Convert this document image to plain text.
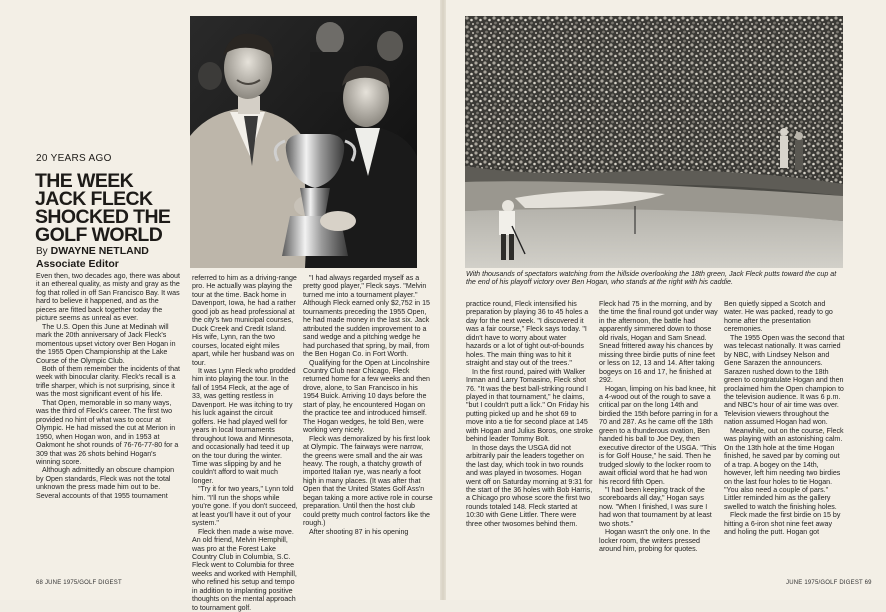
20 YEARS AGO
THE WEEK
JACK FLECK
SHOCKED THE
GOLF WORLD
By DWAYNE NETLAND
Associate Editor

Even then, two decades ago, there was about it an ethereal quality, as misty and gray as the fog that rolled in off San Francisco Bay. It was hard to believe it happened, and as the pieces are fitted back together today the picture seems as unreal as ever.

The U.S. Open this June at Medinah will mark the 20th anniversary of Jack Fleck's momentous upset victory over Ben Hogan in the 1955 Open Championship at the Lake Course of the Olympic Club.

Both of them remember the incidents of that week with binocular clarity. Fleck's recall is a trifle sharper, which is not surprising, since it was the most significant event of his life.

That Open, memorable in so many ways, was the third of Fleck's career. The first two provided no hint of what was to occur at Olympic. He had missed the cut at Merion in 1950, when Hogan won, and in 1953 at Oakmont he shot rounds of 76-76-77-80 for a 309 that was 26 shots behind Hogan's winning score.

Although admittedly an obscure champion by Open standards, Fleck was not the total unknown the press made him out to be. Several accounts of that 1955 tournament

referred to him as a driving-range pro. He actually was playing the tour at the time. Back home in Davenport, Iowa, he had a rather good job as head professional at the city's two municipal courses, Duck Creek and Credit Island. His wife, Lynn, ran the two courses, located eight miles apart, while her husband was on tour.

It was Lynn Fleck who prodded him into playing the tour. In the fall of 1954 Fleck, at the age of 33, was getting restless in Davenport. He was itching to try his luck against the circuit golfers. He had played well for years in local tournaments throughout Iowa and Minnesota, and occasionally had teed it up on the tour during the winter. Time was slipping by and he couldn't afford to wait much longer.

"Try it for two years," Lynn told him. "I'll run the shops while you're gone. If you don't succeed, at least you'll have it out of your system."

Fleck then made a wise move. An old friend, Melvin Hemphill, was pro at the Forest Lake Country Club in Columbia, S.C. Fleck went to Columbia for three weeks and worked with Hemphill, who refined his setup and tempo in addition to implanting positive thoughts on the mental approach to tournament golf.

"I had always regarded myself as a pretty good player," Fleck says. "Melvin turned me into a tournament player." Although Fleck earned only $2,752 in 15 tournaments preceding the 1955 Open, he had made money in the last six. Jack attributed the sudden improvement to a sand wedge and a pitching wedge he had purchased that spring, by mail, from the Ben Hogan Co. in Fort Worth.

Qualifying for the Open at Lincolnshire Country Club near Chicago, Fleck returned home for a few weeks and then drove, alone, to San Francisco in his 1954 Buick. Arriving 10 days before the start of play, he encountered Hogan on the practice tee and introduced himself. The Hogan wedges, he told Ben, were working very nicely.

Fleck was demoralized by his first look at Olympic. The fairways were narrow, the greens were small and the air was heavy. The rough, a thatchy growth of imported Italian rye, was nearly a foot high in many places. (It was after that Open that the United States Golf Ass'n began taking a more active role in course preparation. Until then the host club could pretty much control factors like the rough.)

After shooting 87 in his opening

With thousands of spectators watching from the hillside overlooking the 18th green, Jack Fleck putts toward the cup at the end of his playoff victory over Ben Hogan, who stands at the right with his caddie.

practice round, Fleck intensified his preparation by playing 36 to 45 holes a day for the next week. "I discovered it was a fair course," Fleck says today. "I didn't have to worry about water hazards or a lot of tight out-of-bounds holes. The main thing was to hit it straight and stay out of the trees."

In the first round, paired with Walker Inman and Larry Tomasino, Fleck shot 76. "It was the best ball-striking round I played in that tournament," he claims, "but I couldn't putt a lick." On Friday his putting picked up and he shot 69 to move into a tie for second place at 145 with Hogan and Julius Boros, one stroke behind leader Tommy Bolt.

In those days the USGA did not arbitrarily pair the leaders together on the last day, which took in two rounds and was played in twosomes. Hogan went off on Saturday morning at 9:31 for the start of the 36 holes with Bob Harris, a Chicago pro whose score the first two rounds totaled 148. Fleck started at 10:30 with Gene Littler. There were three other twosomes behind them.

Fleck had 75 in the morning, and by the time the final round got under way in the afternoon, the battle had apparently simmered down to those old rivals, Hogan and Sam Snead. Snead frittered away his chances by missing three birdie putts of nine feet or less on 12, 13 and 14. After taking bogeys on 16 and 17, he finished at 292.

Hogan, limping on his bad knee, hit a 4-wood out of the rough to save a critical par on the long 14th and birdied the 15th before parring in for a 70 and 287. As he came off the 18th green to a thunderous ovation, Ben handed his ball to Joe Dey, then executive director of the USGA. "This is for Golf House," he said. Then he trudged slowly to the locker room to await official word that he had won his record fifth Open.

"I had been keeping track of the scoreboards all day," Hogan says now. "When I finished, I was sure I had won that tournament by at least two shots."

Hogan wasn't the only one. In the locker room, the writers pressed around him, probing for quotes.

Ben quietly sipped a Scotch and water. He was packed, ready to go home after the presentation ceremonies.

The 1955 Open was the second that was telecast nationally. It was carried by NBC, with Lindsey Nelson and Gene Sarazen the announcers. Sarazen rushed down to the 18th green to congratulate Hogan and then proclaimed him the Open champion to the television audience. It was 6 p.m. and NBC's hour of air time was over. Television viewers throughout the nation assumed Hogan had won.

Meanwhile, out on the course, Fleck was playing with an astonishing calm. On the 13th hole at the time Hogan finished, he saved par by coming out of a trap. A bogey on the 14th, however, left him needing two birdies on the last four holes to tie Hogan. "You also need a couple of pars." Littler reminded him as the gallery swelled to watch the finishing holes.

Fleck made the first birdie on 15 by hitting a 6-iron shot nine feet away and holing the putt. Hogan got

68 JUNE 1975/GOLF DIGEST	JUNE 1975/GOLF DIGEST 69
